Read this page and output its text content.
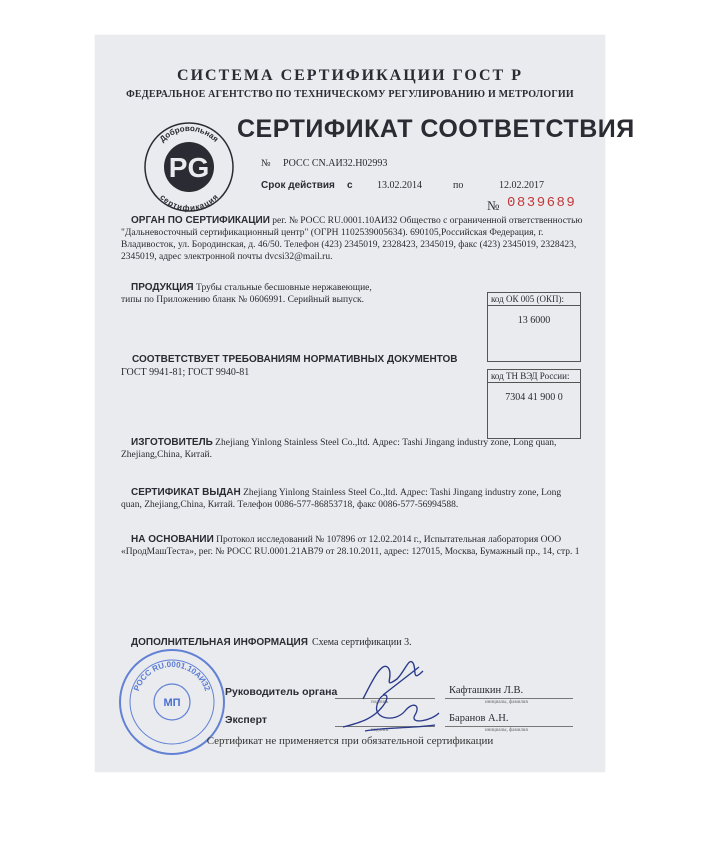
СИСТЕМА СЕРТИФИКАЦИИ ГОСТ Р
ФЕДЕРАЛЬНОЕ АГЕНТСТВО ПО ТЕХНИЧЕСКОМУ РЕГУЛИРОВАНИЮ И МЕТРОЛОГИИ
Добровольная
сертификация
PG
СЕРТИФИКАТ СООТВЕТСТВИЯ
№ РОСС CN.АИ32.Н02993
Срок действия с 13.02.2014	по	12.02.2017
№ 0839689
ОРГАН ПО СЕРТИФИКАЦИИ рег. № РОСС RU.0001.10АИ32 Общество с ограниченной ответственностью "Дальневосточный сертификационный центр" (ОГРН 1102539005634). 690105,Российская Федерация, г. Владивосток, ул. Бородинская, д. 46/50. Телефон (423) 2345019, 2328423, 2345019, факс (423) 2345019, 2328423, 2345019, адрес электронной почты dvcsi32@mail.ru.
ПРОДУКЦИЯ Трубы стальные бесшовные нержавеющие, типы по Приложению бланк № 0606991. Серийный выпуск.	код ОК 005 (ОКП):
13 6000
СООТВЕТСТВУЕТ ТРЕБОВАНИЯМ НОРМАТИВНЫХ ДОКУМЕНТОВ
ГОСТ 9941-81; ГОСТ 9940-81	код ТН ВЭД России:
7304 41 900 0
ИЗГОТОВИТЕЛЬ Zhejiang Yinlong Stainless Steel Co.,ltd. Адрес: Tashi Jingang industry zone, Long quan, Zhejiang,China, Китай.
СЕРТИФИКАТ ВЫДАН Zhejiang Yinlong Stainless Steel Co.,ltd. Адрес: Tashi Jingang industry zone, Long quan, Zhejiang,China, Китай. Телефон 0086-577-86853718, факс 0086-577-56994588.
НА ОСНОВАНИИ Протокол исследований № 107896 от 12.02.2014 г., Испытательная лаборатория ООО «ПродМашТеста», рег. № РОСС RU.0001.21АВ79 от 28.10.2011, адрес: 127015, Москва, Бумажный пр., 14, стр. 1
ДОПОЛНИТЕЛЬНАЯ ИНФОРМАЦИЯ Схема сертификации 3.
Руководитель органа
подпись
Кафташкин Л.В.
инициалы, фамилия
Эксперт
подпись
Баранов А.Н.
инициалы, фамилия
РОСС RU.0001.10АИ32
МП
Сертификат не применяется при обязательной сертификации
